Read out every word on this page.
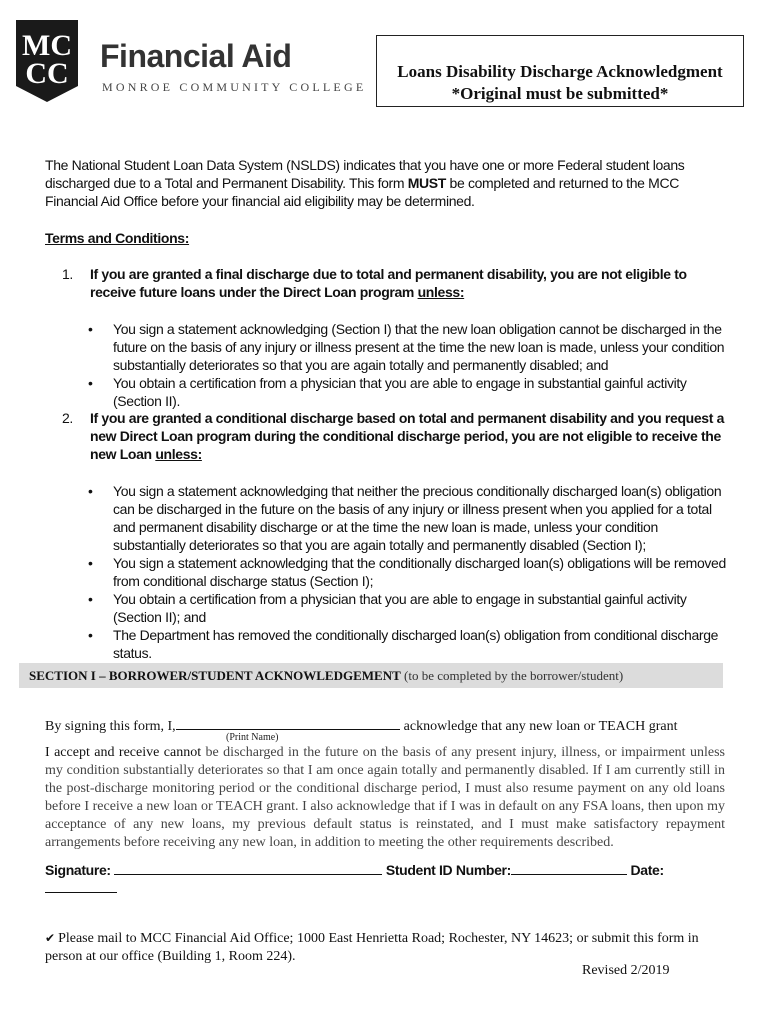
MC
CC Financial Aid
MONROE COMMUNITY COLLEGE
Loans Disability Discharge Acknowledgment
*Original must be submitted*
The National Student Loan Data System (NSLDS) indicates that you have one or more Federal student loans discharged due to a Total and Permanent Disability. This form MUST be completed and returned to the MCC Financial Aid Office before your financial aid eligibility may be determined.
Terms and Conditions:
1.	If you are granted a final discharge due to total and permanent disability, you are not eligible to receive future loans under the Direct Loan program unless:
• You sign a statement acknowledging (Section I) that the new loan obligation cannot be discharged in the future on the basis of any injury or illness present at the time the new loan is made, unless your condition substantially deteriorates so that you are again totally and permanently disabled; and
• You obtain a certification from a physician that you are able to engage in substantial gainful activity (Section II).
2.	If you are granted a conditional discharge based on total and permanent disability and you request a new Direct Loan program during the conditional discharge period, you are not eligible to receive the new Loan unless:
• You sign a statement acknowledging that neither the precious conditionally discharged loan(s) obligation can be discharged in the future on the basis of any injury or illness present when you applied for a total and permanent disability discharge or at the time the new loan is made, unless your condition substantially deteriorates so that you are again totally and permanently disabled (Section I);
• You sign a statement acknowledging that the conditionally discharged loan(s) obligations will be removed from conditional discharge status (Section I);
• You obtain a certification from a physician that you are able to engage in substantial gainful activity (Section II); and
• The Department has removed the conditionally discharged loan(s) obligation from conditional discharge status.
SECTION I – BORROWER/STUDENT ACKNOWLEDGEMENT (to be completed by the borrower/student)
By signing this form, I,	acknowledge that any new loan or TEACH grant
(Print Name)
I accept and receive cannot be discharged in the future on the basis of any present injury, illness, or impairment unless my condition substantially deteriorates so that I am once again totally and permanently disabled. If I am currently still in the post-discharge monitoring period or the conditional discharge period, I must also resume payment on any old loans before I receive a new loan or TEACH grant. I also acknowledge that if I was in default on any FSA loans, then upon my acceptance of any new loans, my previous default status is reinstated, and I must make satisfactory repayment arrangements before receiving any new loan, in addition to meeting the other requirements described.
Signature:	Student ID Number:	Date:
✔ Please mail to MCC Financial Aid Office; 1000 East Henrietta Road; Rochester, NY 14623; or submit this form in person at our office (Building 1, Room 224).
Revised 2/2019
